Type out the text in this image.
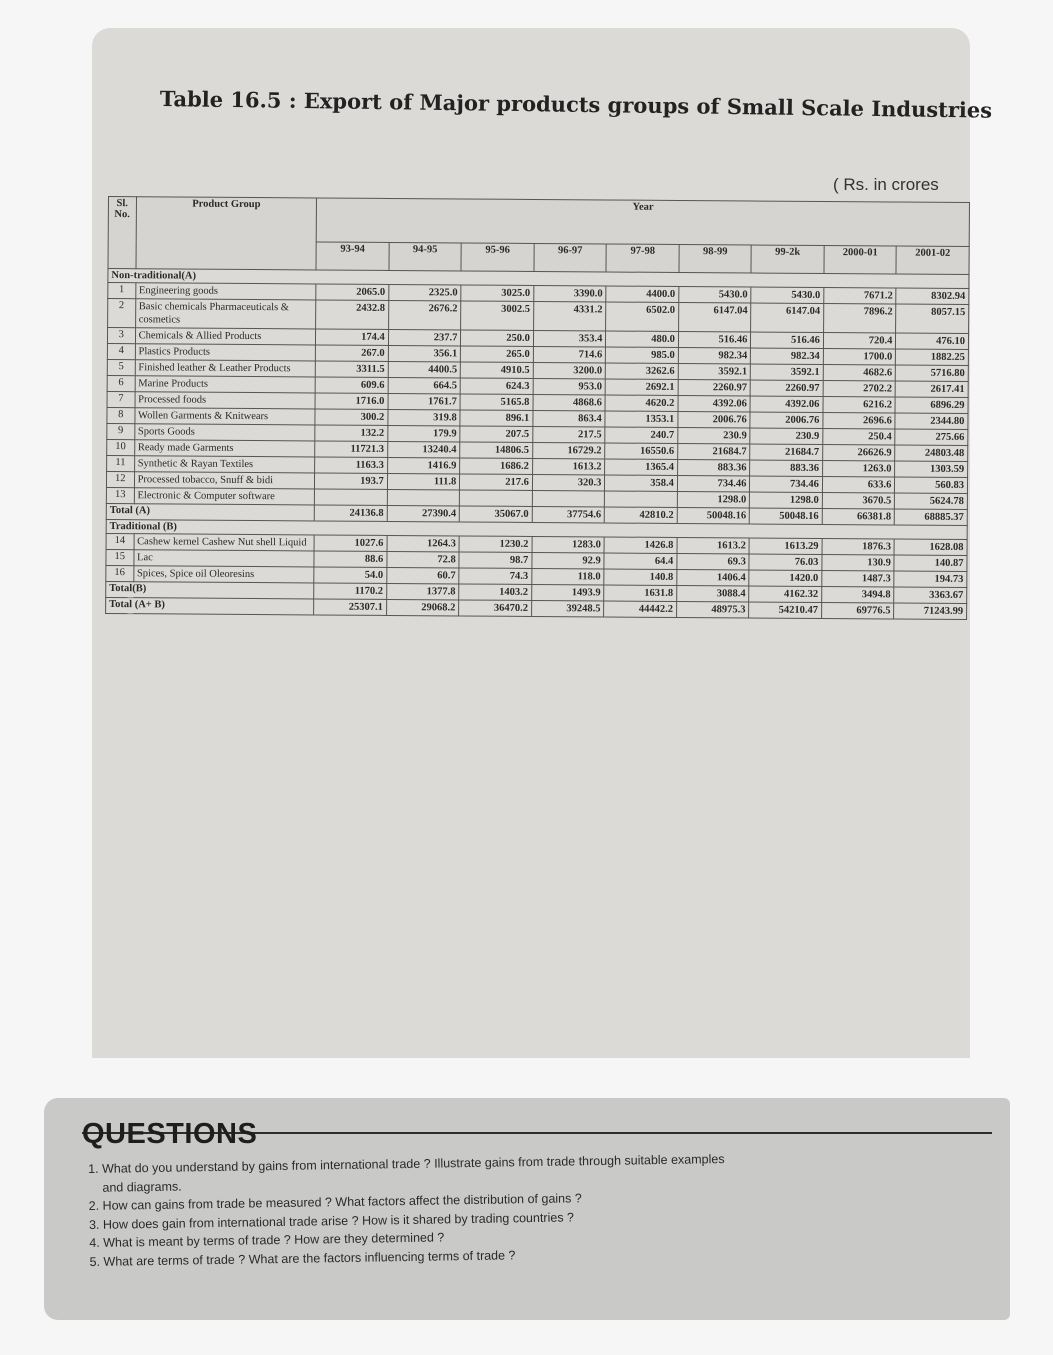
Table 16.5 : Export of Major products groups of Small Scale Industries
( Rs. in crores
Sl. No.	Product Group	Year								
		93-94	94-95	95-96	96-97	97-98	98-99	99-2k	2000-01	2001-02
Non-traditional(A)										
1	Engineering goods	2065.0	2325.0	3025.0	3390.0	4400.0	5430.0	5430.0	7671.2	8302.94
2	Basic chemicals Pharmaceuticals & cosmetics	2432.8	2676.2	3002.5	4331.2	6502.0	6147.04	6147.04	7896.2	8057.15
3	Chemicals & Allied Products	174.4	237.7	250.0	353.4	480.0	516.46	516.46	720.4	476.10
4	Plastics Products	267.0	356.1	265.0	714.6	985.0	982.34	982.34	1700.0	1882.25
5	Finished leather & Leather Products	3311.5	4400.5	4910.5	3200.0	3262.6	3592.1	3592.1	4682.6	5716.80
6	Marine Products	609.6	664.5	624.3	953.0	2692.1	2260.97	2260.97	2702.2	2617.41
7	Processed foods	1716.0	1761.7	5165.8	4868.6	4620.2	4392.06	4392.06	6216.2	6896.29
8	Wollen Garments & Knitwears	300.2	319.8	896.1	863.4	1353.1	2006.76	2006.76	2696.6	2344.80
9	Sports Goods	132.2	179.9	207.5	217.5	240.7	230.9	230.9	250.4	275.66
10	Ready made Garments	11721.3	13240.4	14806.5	16729.2	16550.6	21684.7	21684.7	26626.9	24803.48
11	Synthetic & Rayan Textiles	1163.3	1416.9	1686.2	1613.2	1365.4	883.36	883.36	1263.0	1303.59
12	Processed tobacco, Snuff & bidi	193.7	111.8	217.6	320.3	358.4	734.46	734.46	633.6	560.83
13	Electronic & Computer software						1298.0	1298.0	3670.5	5624.78
Total (A)		24136.8	27390.4	35067.0	37754.6	42810.2	50048.16	50048.16	66381.8	68885.37
Traditional (B)										
14	Cashew kernel Cashew Nut shell Liquid	1027.6	1264.3	1230.2	1283.0	1426.8	1613.2	1613.29	1876.3	1628.08
15	Lac	88.6	72.8	98.7	92.9	64.4	69.3	76.03	130.9	140.87
16	Spices, Spice oil Oleoresins	54.0	60.7	74.3	118.0	140.8	1406.4	1420.0	1487.3	194.73
Total(B)		1170.2	1377.8	1403.2	1493.9	1631.8	3088.4	4162.32	3494.8	3363.67
Total (A+ B)		25307.1	29068.2	36470.2	39248.5	44442.2	48975.3	54210.47	69776.5	71243.99
QUESTIONS
1. What do you understand by gains from international trade ? Illustrate gains from trade through suitable examples
and diagrams.
2. How can gains from trade be measured ? What factors affect the distribution of gains ?
3. How does gain from international trade arise ? How is it shared by trading countries ?
4. What is meant by terms of trade ? How are they determined ?
5. What are terms of trade ? What are the factors influencing terms of trade ?
